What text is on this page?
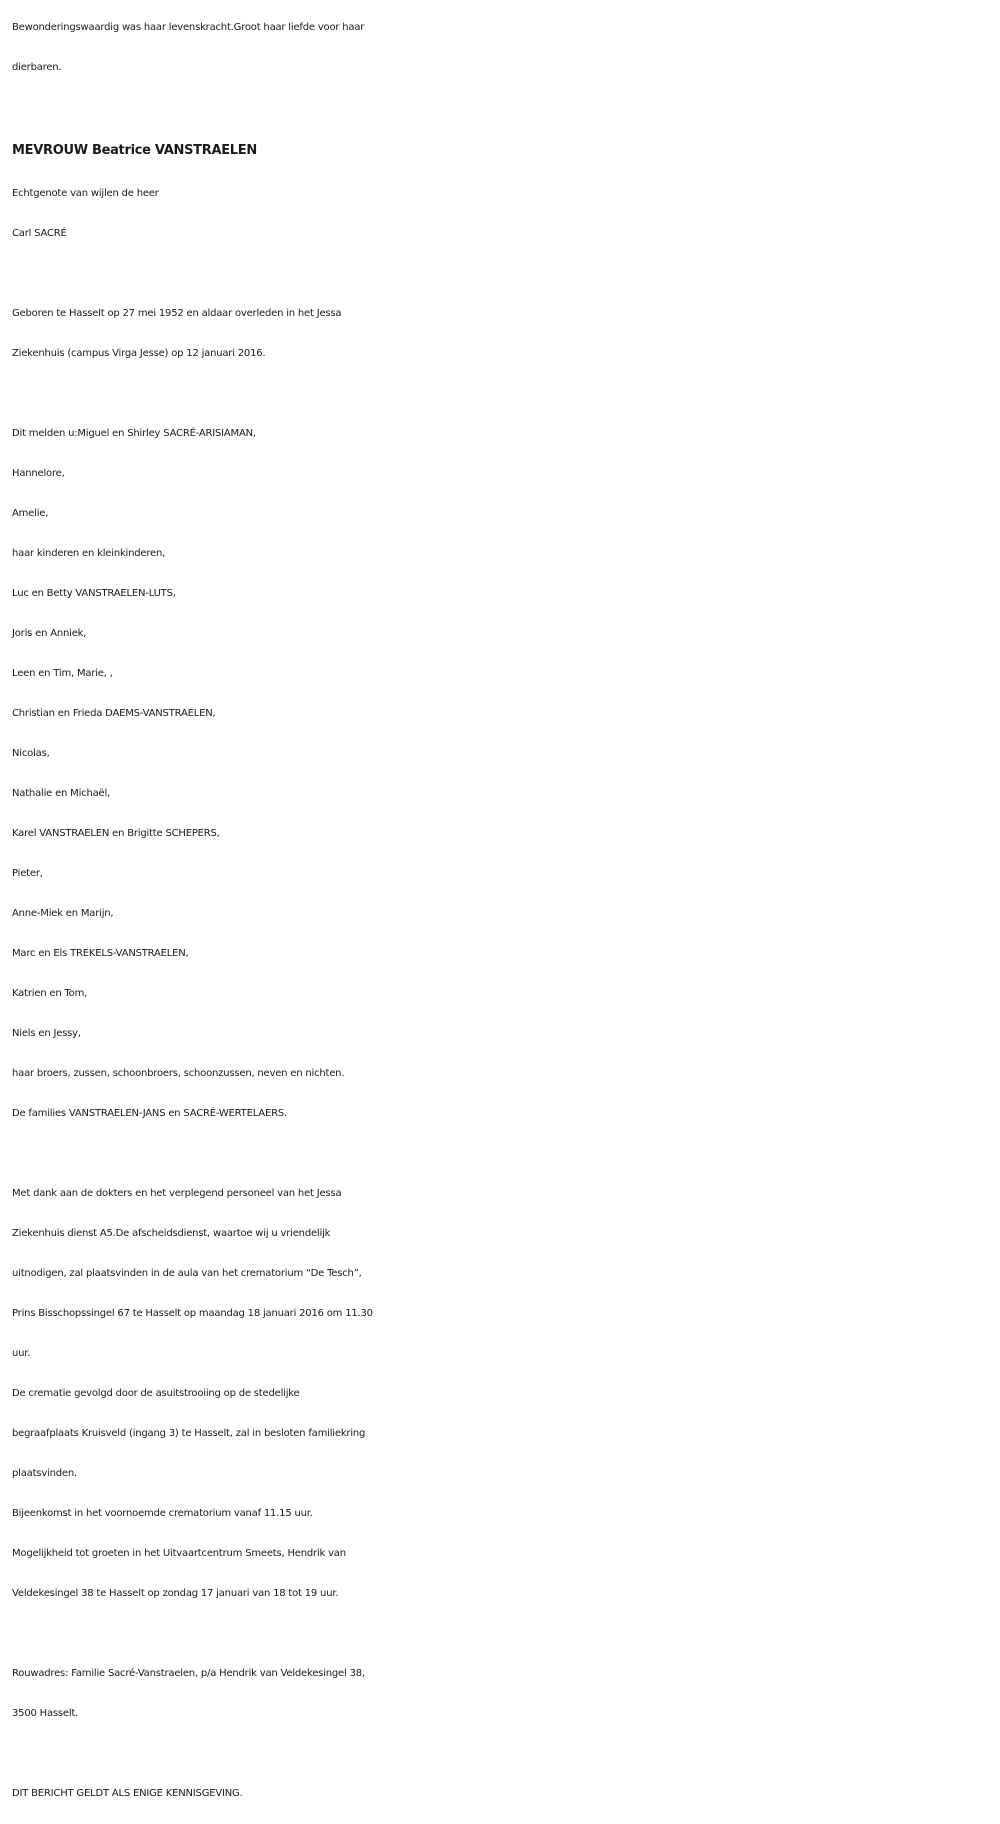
Bewonderingswaardig was haar levenskracht.Groot haar liefde voor haar
dierbaren.
MEVROUW Beatrice VANSTRAELEN
Echtgenote van wijlen de heer
Carl SACRÉ
Geboren te Hasselt op 27 mei 1952 en aldaar overleden in het Jessa
Ziekenhuis (campus Virga Jesse) op 12 januari 2016.
Dit melden u:Miguel en Shirley SACRÉ-ARISIAMAN,
Hannelore,
Amelie,
haar kinderen en kleinkinderen,
Luc en Betty VANSTRAELEN-LUTS,
Joris en Anniek,
Leen en Tim, Marie, ,
Christian en Frieda DAEMS-VANSTRAELEN,
Nicolas,
Nathalie en Michaël,
Karel VANSTRAELEN en Brigitte SCHEPERS,
Pieter,
Anne-Miek en Marijn,
Marc en Els TREKELS-VANSTRAELEN,
Katrien en Tom,
Niels en Jessy,
haar broers, zussen, schoonbroers, schoonzussen, neven en nichten.
De families VANSTRAELEN-JANS en SACRÉ-WERTELAERS.
Met dank aan de dokters en het verplegend personeel van het Jessa
Ziekenhuis dienst A5.De afscheidsdienst, waartoe wij u vriendelijk
uitnodigen, zal plaatsvinden in de aula van het crematorium “De Tesch”,
Prins Bisschopssingel 67 te Hasselt op maandag 18 januari 2016 om 11.30
uur.
De crematie gevolgd door de asuitstrooiing op de stedelijke
begraafplaats Kruisveld (ingang 3) te Hasselt, zal in besloten familiekring
plaatsvinden.
Bijeenkomst in het voornoemde crematorium vanaf 11.15 uur.
Mogelijkheid tot groeten in het Uitvaartcentrum Smeets, Hendrik van
Veldekesingel 38 te Hasselt op zondag 17 januari van 18 tot 19 uur.
Rouwadres: Familie Sacré-Vanstraelen, p/a Hendrik van Veldekesingel 38,
3500 Hasselt.
DIT BERICHT GELDT ALS ENIGE KENNISGEVING.
